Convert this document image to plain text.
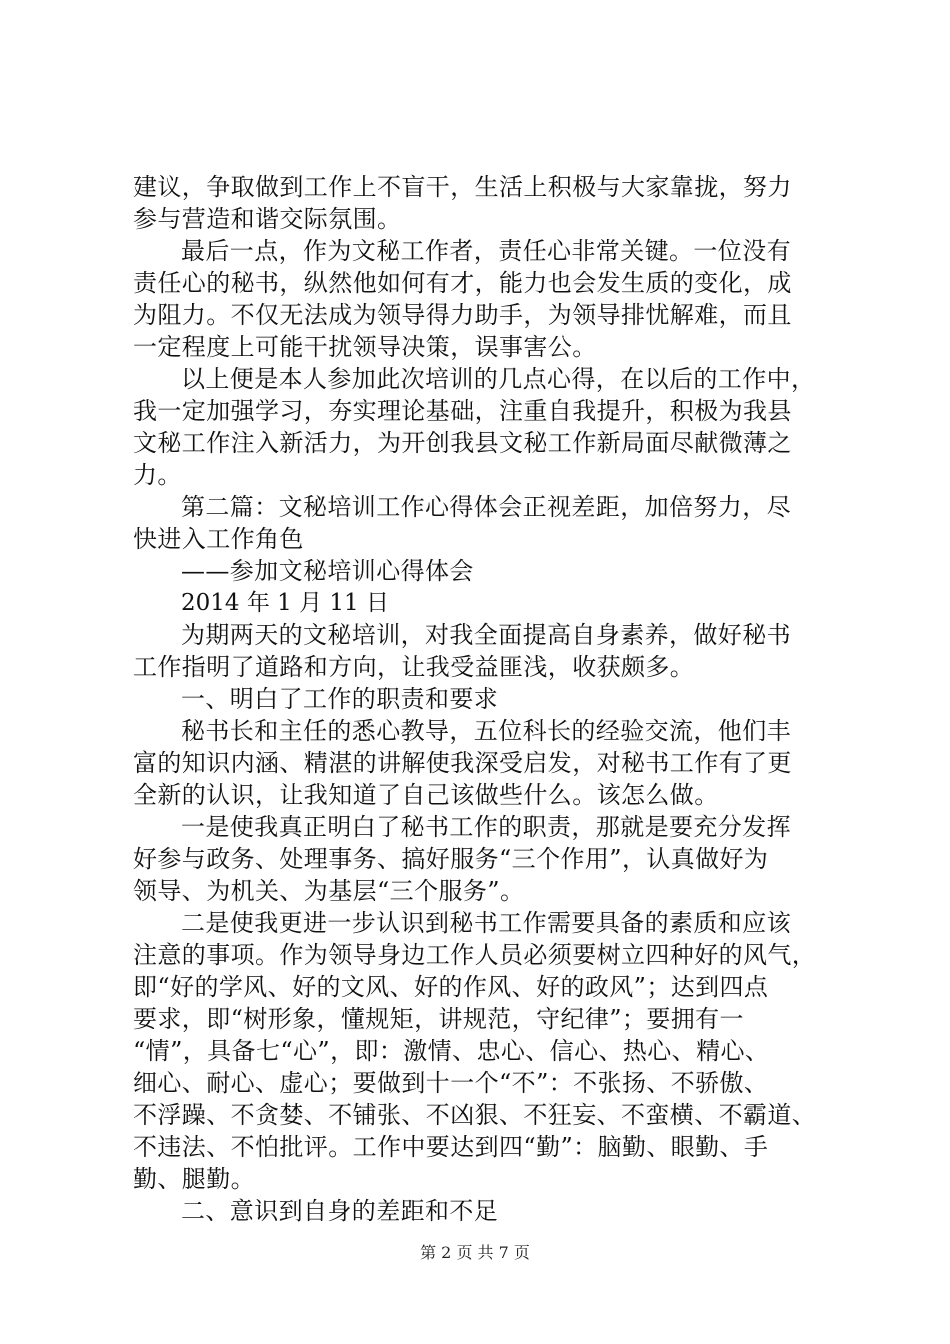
建议，争取做到工作上不盲干，生活上积极与大家靠拢，努力
参与营造和谐交际氛围。
最后一点，作为文秘工作者，责任心非常关键。一位没有
责任心的秘书，纵然他如何有才，能力也会发生质的变化，成
为阻力。不仅无法成为领导得力助手，为领导排忧解难，而且
一定程度上可能干扰领导决策，误事害公。
以上便是本人参加此次培训的几点心得，在以后的工作中，
我一定加强学习，夯实理论基础，注重自我提升，积极为我县
文秘工作注入新活力，为开创我县文秘工作新局面尽献微薄之
力。
第二篇：文秘培训工作心得体会正视差距，加倍努力，尽
快进入工作角色
——参加文秘培训心得体会
2014 年 1 月 11 日
为期两天的文秘培训，对我全面提高自身素养，做好秘书
工作指明了道路和方向，让我受益匪浅，收获颇多。
一、明白了工作的职责和要求
秘书长和主任的悉心教导，五位科长的经验交流，他们丰
富的知识内涵、精湛的讲解使我深受启发，对秘书工作有了更
全新的认识，让我知道了自己该做些什么。该怎么做。
一是使我真正明白了秘书工作的职责，那就是要充分发挥
好参与政务、处理事务、搞好服务“三个作用”，认真做好为
领导、为机关、为基层“三个服务”。
二是使我更进一步认识到秘书工作需要具备的素质和应该
注意的事项。作为领导身边工作人员必须要树立四种好的风气，
即“好的学风、好的文风、好的作风、好的政风”；达到四点
要求，即“树形象，懂规矩，讲规范，守纪律”；要拥有一
“情”，具备七“心”，即：激情、忠心、信心、热心、精心、
细心、耐心、虚心；要做到十一个“不”：不张扬、不骄傲、
不浮躁、不贪婪、不铺张、不凶狠、不狂妄、不蛮横、不霸道、
不违法、不怕批评。工作中要达到四“勤”：脑勤、眼勤、手
勤、腿勤。
二、意识到自身的差距和不足
第 2 页 共 7 页
